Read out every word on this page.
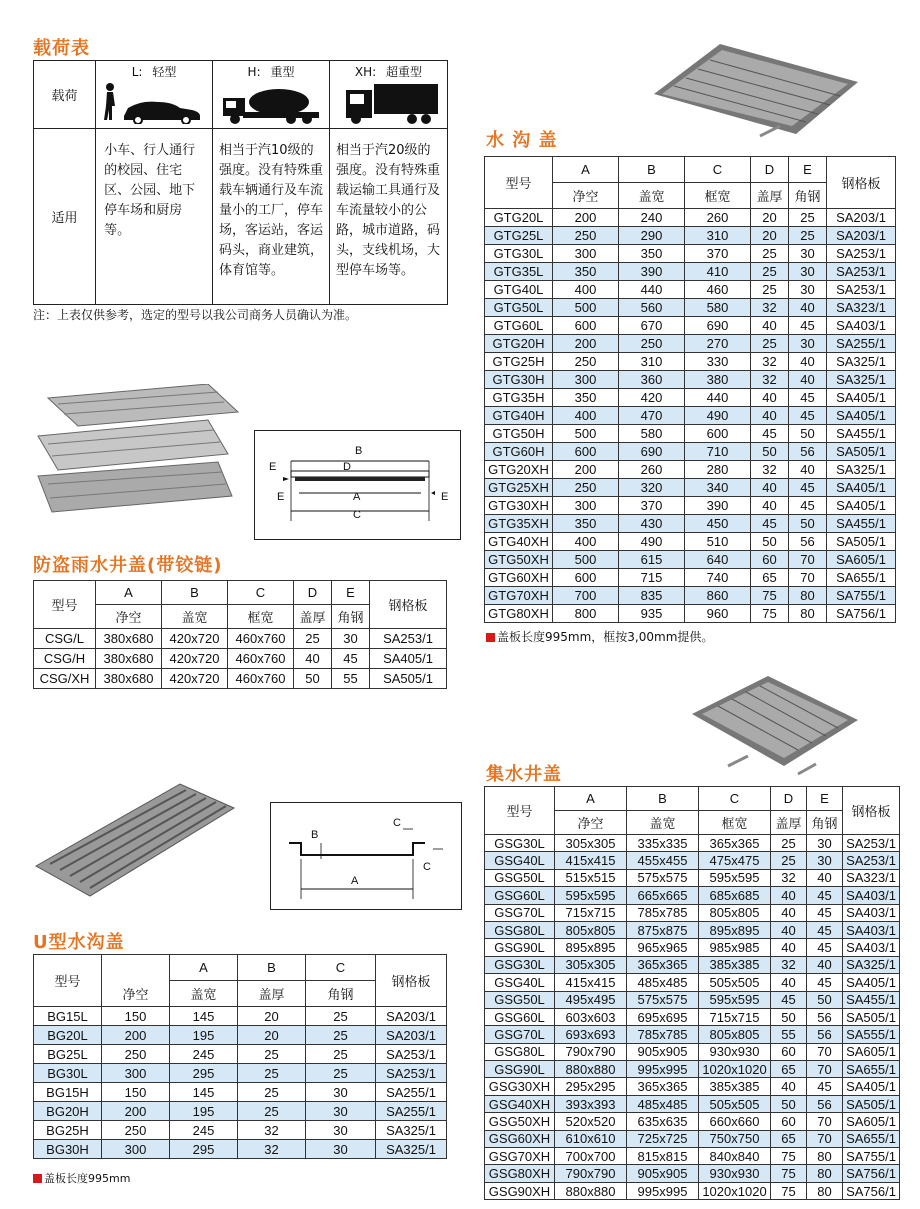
载荷表
载荷	L: 轻型	H: 重型	XH: 超重型

适用	小车、行人通行的校园、住宅区、公园、地下停车场和厨房等。	相当于汽10级的强度。没有特殊重载车辆通行及车流量小的工厂，停车场，客运站，客运码头，商业建筑，体育馆等。	相当于汽20级的强度。没有特殊重载运输工具通行及车流量较小的公路，城市道路，码头，支线机场，大型停车场等。
注：上表仅供参考，选定的型号以我公司商务人员确认为准。
B
D
E
A
E	E
C
B
C
C
A
水 沟 盖
型号	A	B	C	D	E	钢格板
	净空	盖宽	框宽	盖厚	角钢	
GTG20L	200	240	260	20	25	SA203/1
GTG25L	250	290	310	20	25	SA203/1
GTG30L	300	350	370	25	30	SA253/1
GTG35L	350	390	410	25	30	SA253/1
GTG40L	400	440	460	25	30	SA253/1
GTG50L	500	560	580	32	40	SA323/1
GTG60L	600	670	690	40	45	SA403/1
GTG20H	200	250	270	25	30	SA255/1
GTG25H	250	310	330	32	40	SA325/1
GTG30H	300	360	380	32	40	SA325/1
GTG35H	350	420	440	40	45	SA405/1
GTG40H	400	470	490	40	45	SA405/1
GTG50H	500	580	600	45	50	SA455/1
GTG60H	600	690	710	50	56	SA505/1
GTG20XH	200	260	280	32	40	SA325/1
GTG25XH	250	320	340	40	45	SA405/1
GTG30XH	300	370	390	40	45	SA405/1
GTG35XH	350	430	450	45	50	SA455/1
GTG40XH	400	490	510	50	56	SA505/1
GTG50XH	500	615	640	60	70	SA605/1
GTG60XH	600	715	740	65	70	SA655/1
GTG70XH	700	835	860	75	80	SA755/1
GTG80XH	800	935	960	75	80	SA756/1
盖板长度995mm，框按3,00mm提供。
防盗雨水井盖(带铰链)
型号	A	B	C	D	E	钢格板
	净空	盖宽	框宽	盖厚	角钢	
CSG/L	380x680	420x720	460x760	25	30	SA253/1
CSG/H	380x680	420x720	460x760	40	45	SA405/1
CSG/XH	380x680	420x720	460x760	50	55	SA505/1
U型水沟盖
型号		A	B	C	钢格板
	净空	盖宽	盖厚	角钢	
BG15L	150	145	20	25	SA203/1
BG20L	200	195	20	25	SA203/1
BG25L	250	245	25	25	SA253/1
BG30L	300	295	25	25	SA253/1
BG15H	150	145	25	30	SA255/1
BG20H	200	195	25	30	SA255/1
BG25H	250	245	32	30	SA325/1
BG30H	300	295	32	30	SA325/1
盖板长度995mm
集水井盖
型号	A	B	C	D	E	钢格板
	净空	盖宽	框宽	盖厚	角钢	
GSG30L	305x305	335x335	365x365	25	30	SA253/1
GSG40L	415x415	455x455	475x475	25	30	SA253/1
GSG50L	515x515	575x575	595x595	32	40	SA323/1
GSG60L	595x595	665x665	685x685	40	45	SA403/1
GSG70L	715x715	785x785	805x805	40	45	SA403/1
GSG80L	805x805	875x875	895x895	40	45	SA403/1
GSG90L	895x895	965x965	985x985	40	45	SA403/1
GSG30L	305x305	365x365	385x385	32	40	SA325/1
GSG40L	415x415	485x485	505x505	40	45	SA405/1
GSG50L	495x495	575x575	595x595	45	50	SA455/1
GSG60L	603x603	695x695	715x715	50	56	SA505/1
GSG70L	693x693	785x785	805x805	55	56	SA555/1
GSG80L	790x790	905x905	930x930	60	70	SA605/1
GSG90L	880x880	995x995	1020x1020	65	70	SA655/1
GSG30XH	295x295	365x365	385x385	40	45	SA405/1
GSG40XH	393x393	485x485	505x505	50	56	SA505/1
GSG50XH	520x520	635x635	660x660	60	70	SA605/1
GSG60XH	610x610	725x725	750x750	65	70	SA655/1
GSG70XH	700x700	815x815	840x840	75	80	SA755/1
GSG80XH	790x790	905x905	930x930	75	80	SA756/1
GSG90XH	880x880	995x995	1020x1020	75	80	SA756/1
